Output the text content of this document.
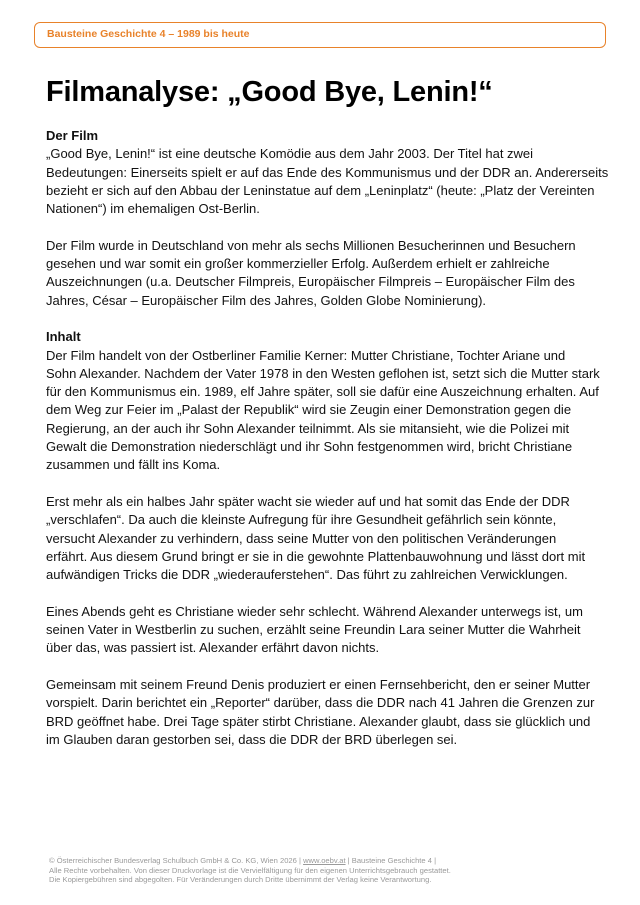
Bausteine Geschichte 4 – 1989 bis heute
Filmanalyse: „Good Bye, Lenin!“
Der Film
„Good Bye, Lenin!“ ist eine deutsche Komödie aus dem Jahr 2003. Der Titel hat zwei
Bedeutungen: Einerseits spielt er auf das Ende des Kommunismus und der DDR an. Andererseits
bezieht er sich auf den Abbau der Leninstatue auf dem „Leninplatz“ (heute: „Platz der Vereinten
Nationen“) im ehemaligen Ost-Berlin.
Der Film wurde in Deutschland von mehr als sechs Millionen Besucherinnen und Besuchern
gesehen und war somit ein großer kommerzieller Erfolg. Außerdem erhielt er zahlreiche
Auszeichnungen (u.a. Deutscher Filmpreis, Europäischer Filmpreis – Europäischer Film des
Jahres, César – Europäischer Film des Jahres, Golden Globe Nominierung).
Inhalt
Der Film handelt von der Ostberliner Familie Kerner: Mutter Christiane, Tochter Ariane und
Sohn Alexander. Nachdem der Vater 1978 in den Westen geflohen ist, setzt sich die Mutter stark
für den Kommunismus ein. 1989, elf Jahre später, soll sie dafür eine Auszeichnung erhalten. Auf
dem Weg zur Feier im „Palast der Republik“ wird sie Zeugin einer Demonstration gegen die
Regierung, an der auch ihr Sohn Alexander teilnimmt. Als sie mitansieht, wie die Polizei mit
Gewalt die Demonstration niederschlägt und ihr Sohn festgenommen wird, bricht Christiane
zusammen und fällt ins Koma.
Erst mehr als ein halbes Jahr später wacht sie wieder auf und hat somit das Ende der DDR
„verschlafen“. Da auch die kleinste Aufregung für ihre Gesundheit gefährlich sein könnte,
versucht Alexander zu verhindern, dass seine Mutter von den politischen Veränderungen
erfährt. Aus diesem Grund bringt er sie in die gewohnte Plattenbauwohnung und lässt dort mit
aufwändigen Tricks die DDR „wiederauferstehen“. Das führt zu zahlreichen Verwicklungen.
Eines Abends geht es Christiane wieder sehr schlecht. Während Alexander unterwegs ist, um
seinen Vater in Westberlin zu suchen, erzählt seine Freundin Lara seiner Mutter die Wahrheit
über das, was passiert ist. Alexander erfährt davon nichts.
Gemeinsam mit seinem Freund Denis produziert er einen Fernsehbericht, den er seiner Mutter
vorspielt. Darin berichtet ein „Reporter“ darüber, dass die DDR nach 41 Jahren die Grenzen zur
BRD geöffnet habe. Drei Tage später stirbt Christiane. Alexander glaubt, dass sie glücklich und
im Glauben daran gestorben sei, dass die DDR der BRD überlegen sei.
© Österreichischer Bundesverlag Schulbuch GmbH & Co. KG, Wien 2026 | www.oebv.at | Bausteine Geschichte 4 |
Alle Rechte vorbehalten. Von dieser Druckvorlage ist die Vervielfältigung für den eigenen Unterrichtsgebrauch gestattet.
Die Kopiergebühren sind abgegolten. Für Veränderungen durch Dritte übernimmt der Verlag keine Verantwortung.
